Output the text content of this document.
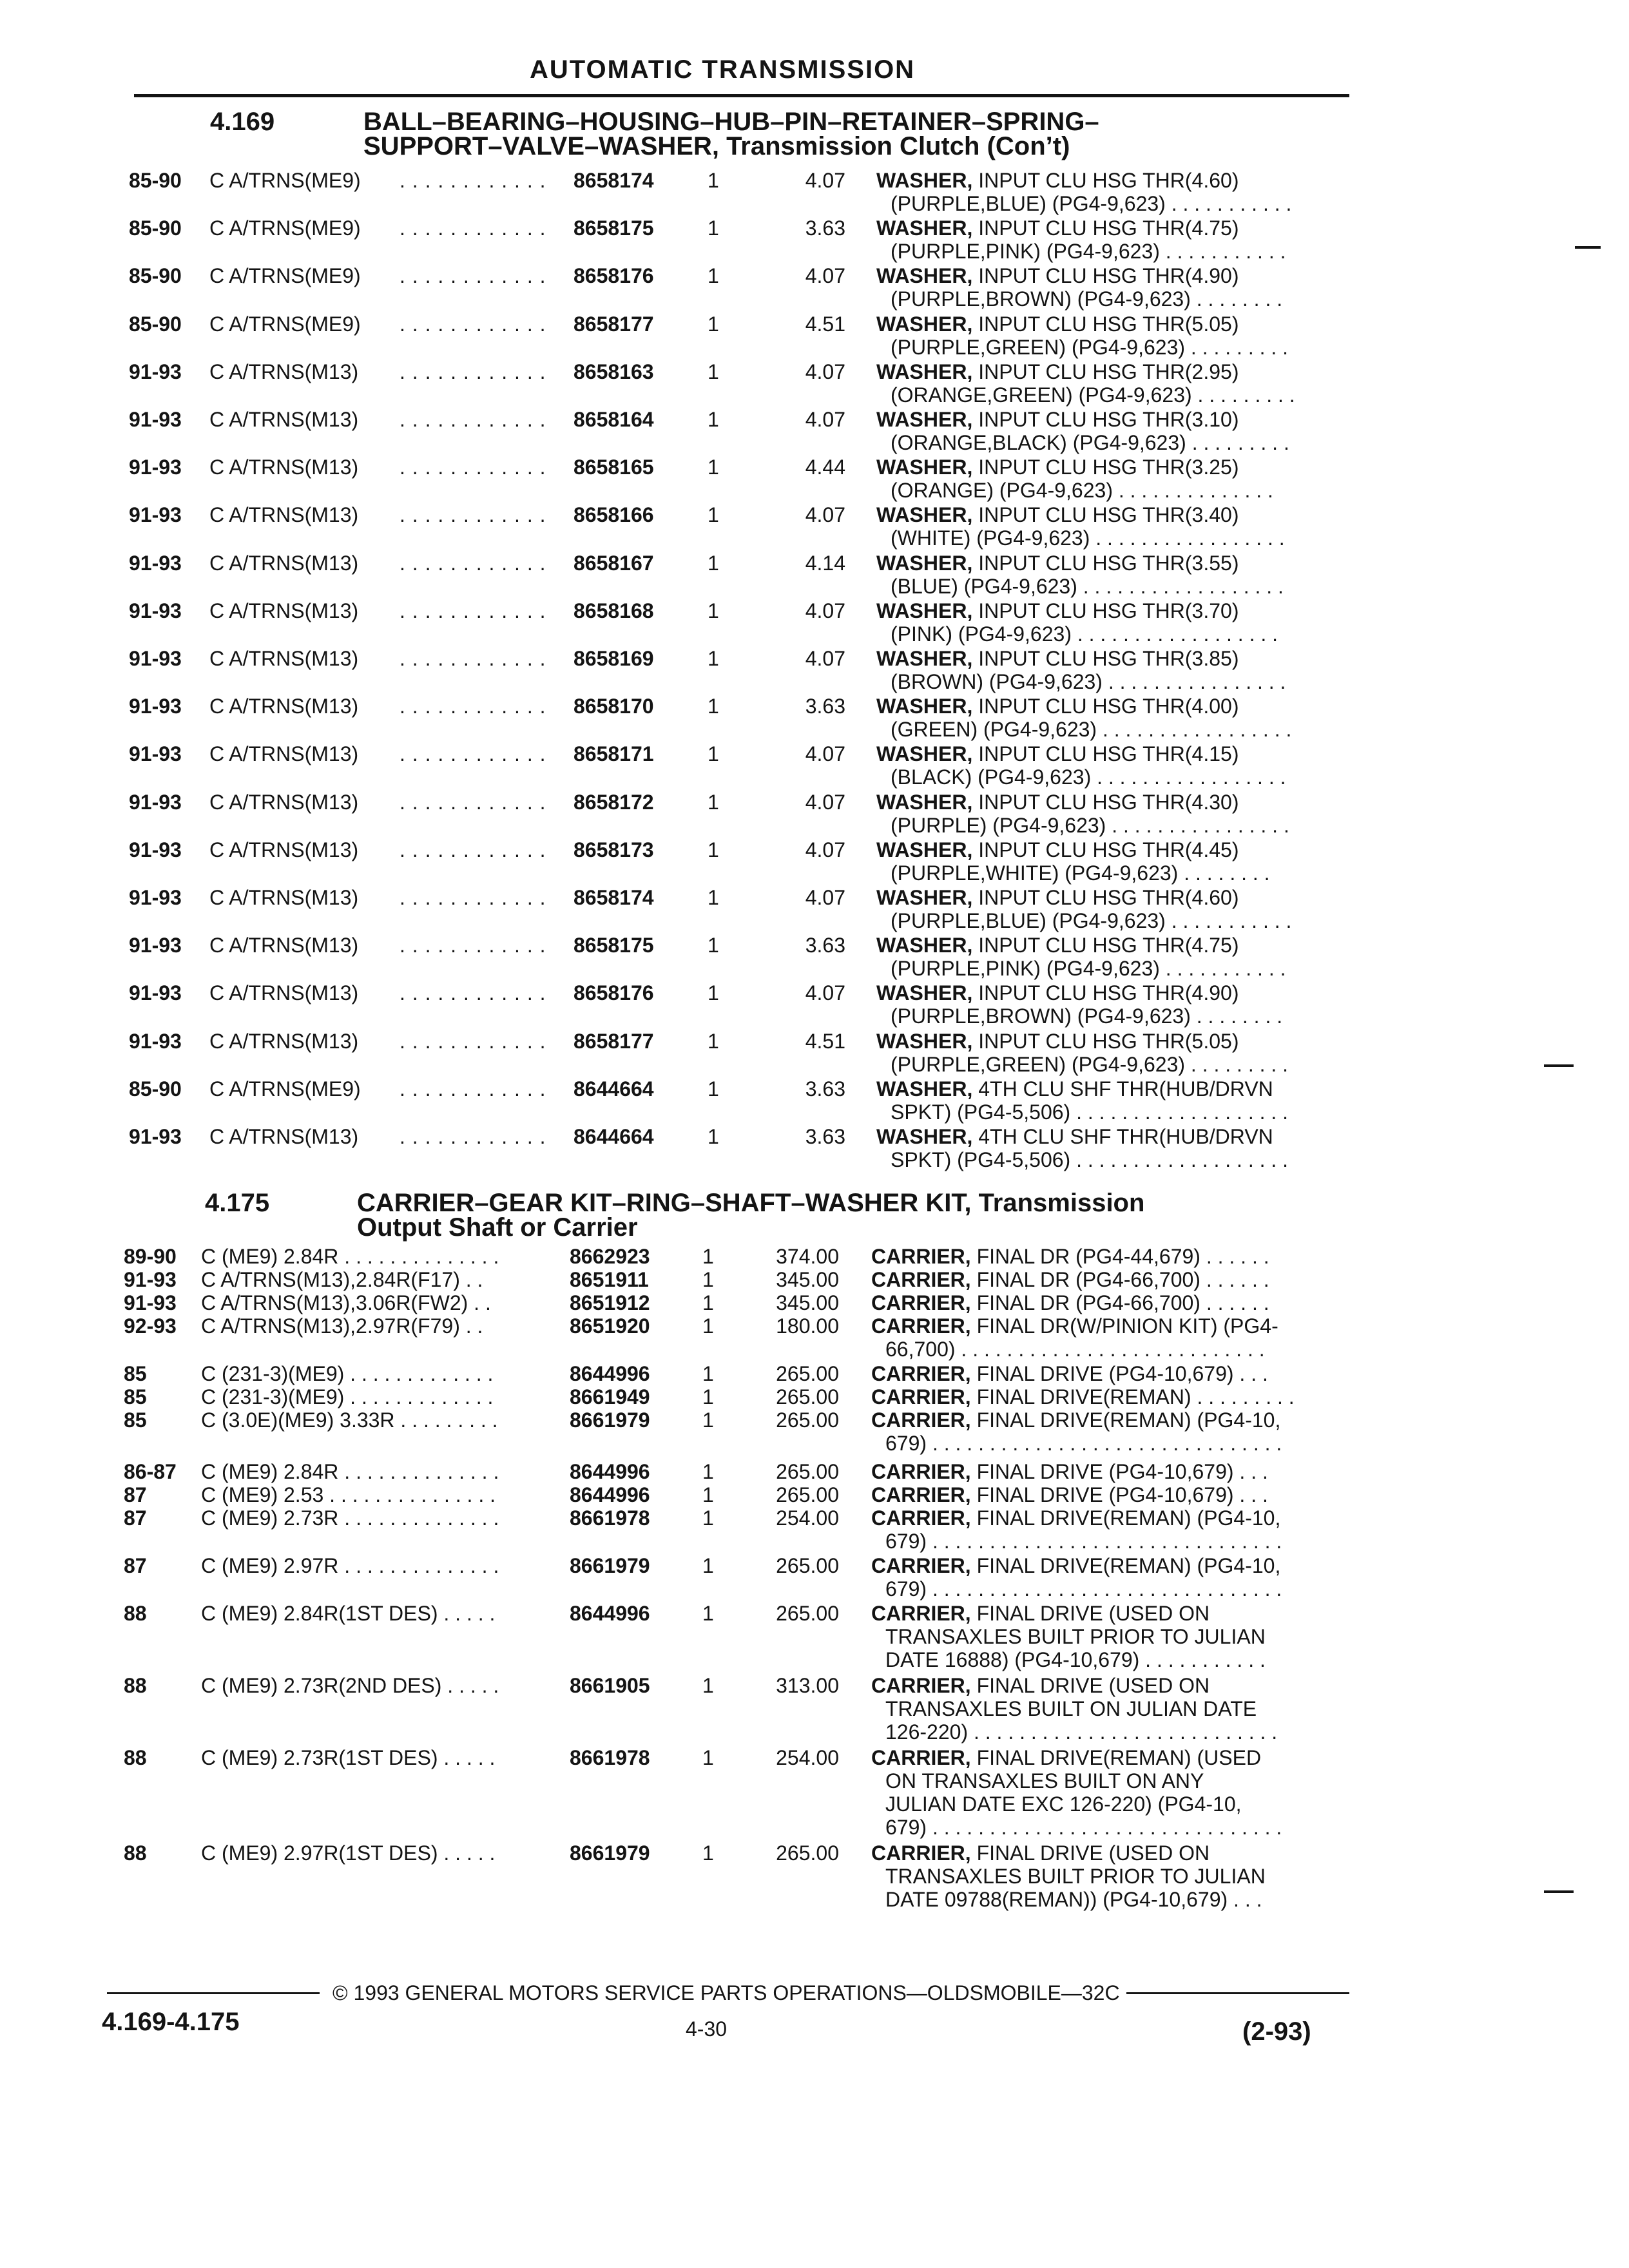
AUTOMATIC TRANSMISSION
4.169	BALL–BEARING–HOUSING–HUB–PIN–RETAINER–SPRING–
SUPPORT–VALVE–WASHER, Transmission Clutch (Con’t)
85-90 C A/TRNS(ME9) . . . . . . . . . . . . 8658174	1	4.07 WASHER, INPUT CLU HSG THR(4.60)
(PURPLE,BLUE) (PG4-9,623) . . . . . . . . . . .
85-90 C A/TRNS(ME9) . . . . . . . . . . . . 8658175	1	3.63 WASHER, INPUT CLU HSG THR(4.75)
(PURPLE,PINK) (PG4-9,623) . . . . . . . . . . .
85-90 C A/TRNS(ME9) . . . . . . . . . . . . 8658176	1	4.07 WASHER, INPUT CLU HSG THR(4.90)
(PURPLE,BROWN) (PG4-9,623) . . . . . . . .
85-90 C A/TRNS(ME9) . . . . . . . . . . . . 8658177	1	4.51 WASHER, INPUT CLU HSG THR(5.05)
(PURPLE,GREEN) (PG4-9,623) . . . . . . . . .
91-93 C A/TRNS(M13) . . . . . . . . . . . . 8658163	1	4.07 WASHER, INPUT CLU HSG THR(2.95)
(ORANGE,GREEN) (PG4-9,623) . . . . . . . . .
91-93 C A/TRNS(M13) . . . . . . . . . . . . 8658164	1	4.07 WASHER, INPUT CLU HSG THR(3.10)
(ORANGE,BLACK) (PG4-9,623) . . . . . . . . .
91-93 C A/TRNS(M13) . . . . . . . . . . . . 8658165	1	4.44 WASHER, INPUT CLU HSG THR(3.25)
(ORANGE) (PG4-9,623) . . . . . . . . . . . . . .
91-93 C A/TRNS(M13) . . . . . . . . . . . . 8658166	1	4.07 WASHER, INPUT CLU HSG THR(3.40)
(WHITE) (PG4-9,623) . . . . . . . . . . . . . . . . .
91-93 C A/TRNS(M13) . . . . . . . . . . . . 8658167	1	4.14 WASHER, INPUT CLU HSG THR(3.55)
(BLUE) (PG4-9,623) . . . . . . . . . . . . . . . . . .
91-93 C A/TRNS(M13) . . . . . . . . . . . . 8658168	1	4.07 WASHER, INPUT CLU HSG THR(3.70)
(PINK) (PG4-9,623) . . . . . . . . . . . . . . . . . .
91-93 C A/TRNS(M13) . . . . . . . . . . . . 8658169	1	4.07 WASHER, INPUT CLU HSG THR(3.85)
(BROWN) (PG4-9,623) . . . . . . . . . . . . . . . .
91-93 C A/TRNS(M13) . . . . . . . . . . . . 8658170	1	3.63 WASHER, INPUT CLU HSG THR(4.00)
(GREEN) (PG4-9,623) . . . . . . . . . . . . . . . . .
91-93 C A/TRNS(M13) . . . . . . . . . . . . 8658171	1	4.07 WASHER, INPUT CLU HSG THR(4.15)
(BLACK) (PG4-9,623) . . . . . . . . . . . . . . . . .
91-93 C A/TRNS(M13) . . . . . . . . . . . . 8658172	1	4.07 WASHER, INPUT CLU HSG THR(4.30)
(PURPLE) (PG4-9,623) . . . . . . . . . . . . . . . .
91-93 C A/TRNS(M13) . . . . . . . . . . . . 8658173	1	4.07 WASHER, INPUT CLU HSG THR(4.45)
(PURPLE,WHITE) (PG4-9,623) . . . . . . . .
91-93 C A/TRNS(M13) . . . . . . . . . . . . 8658174	1	4.07 WASHER, INPUT CLU HSG THR(4.60)
(PURPLE,BLUE) (PG4-9,623) . . . . . . . . . . .
91-93 C A/TRNS(M13) . . . . . . . . . . . . 8658175	1	3.63 WASHER, INPUT CLU HSG THR(4.75)
(PURPLE,PINK) (PG4-9,623) . . . . . . . . . . .
91-93 C A/TRNS(M13) . . . . . . . . . . . . 8658176	1	4.07 WASHER, INPUT CLU HSG THR(4.90)
(PURPLE,BROWN) (PG4-9,623) . . . . . . . .
91-93 C A/TRNS(M13) . . . . . . . . . . . . 8658177	1	4.51 WASHER, INPUT CLU HSG THR(5.05)
(PURPLE,GREEN) (PG4-9,623) . . . . . . . . .
85-90 C A/TRNS(ME9) . . . . . . . . . . . . 8644664	1	3.63 WASHER, 4TH CLU SHF THR(HUB/DRVN
SPKT) (PG4-5,506) . . . . . . . . . . . . . . . . . . .
91-93 C A/TRNS(M13) . . . . . . . . . . . . 8644664	1	3.63 WASHER, 4TH CLU SHF THR(HUB/DRVN
SPKT) (PG4-5,506) . . . . . . . . . . . . . . . . . . .
4.175	CARRIER–GEAR KIT–RING–SHAFT–WASHER KIT, Transmission
Output Shaft or Carrier
89-90 C (ME9) 2.84R . . . . . . . . . . . . . .	8662923	1	374.00 CARRIER, FINAL DR (PG4-44,679) . . . . . .
91-93 C A/TRNS(M13),2.84R(F17) . .	8651911	1	345.00 CARRIER, FINAL DR (PG4-66,700) . . . . . .
91-93 C A/TRNS(M13),3.06R(FW2) . .	8651912	1	345.00 CARRIER, FINAL DR (PG4-66,700) . . . . . .
92-93 C A/TRNS(M13),2.97R(F79) . .	8651920	1	180.00 CARRIER, FINAL DR(W/PINION KIT) (PG4-
66,700) . . . . . . . . . . . . . . . . . . . . . . . . . . .
85	C (231-3)(ME9) . . . . . . . . . . . . .	8644996	1	265.00 CARRIER, FINAL DRIVE (PG4-10,679) . . .
85	C (231-3)(ME9) . . . . . . . . . . . . .	8661949	1	265.00 CARRIER, FINAL DRIVE(REMAN) . . . . . . . . .
85	C (3.0E)(ME9) 3.33R . . . . . . . . .	8661979	1	265.00 CARRIER, FINAL DRIVE(REMAN) (PG4-10,
679) . . . . . . . . . . . . . . . . . . . . . . . . . . . . . . .
86-87 C (ME9) 2.84R . . . . . . . . . . . . . .	8644996	1	265.00 CARRIER, FINAL DRIVE (PG4-10,679) . . .
87	C (ME9) 2.53 . . . . . . . . . . . . . . .	8644996	1	265.00 CARRIER, FINAL DRIVE (PG4-10,679) . . .
87	C (ME9) 2.73R . . . . . . . . . . . . . .	8661978	1	254.00 CARRIER, FINAL DRIVE(REMAN) (PG4-10,
679) . . . . . . . . . . . . . . . . . . . . . . . . . . . . . . .
87	C (ME9) 2.97R . . . . . . . . . . . . . .	8661979	1	265.00 CARRIER, FINAL DRIVE(REMAN) (PG4-10,
679) . . . . . . . . . . . . . . . . . . . . . . . . . . . . . . .
88	C (ME9) 2.84R(1ST DES) . . . . .	8644996	1	265.00 CARRIER, FINAL DRIVE (USED ON
TRANSAXLES BUILT PRIOR TO JULIAN
DATE 16888) (PG4-10,679) . . . . . . . . . . .
88	C (ME9) 2.73R(2ND DES) . . . . .	8661905	1	313.00 CARRIER, FINAL DRIVE (USED ON
TRANSAXLES BUILT ON JULIAN DATE
126-220) . . . . . . . . . . . . . . . . . . . . . . . . . . .
88	C (ME9) 2.73R(1ST DES) . . . . .	8661978	1	254.00 CARRIER, FINAL DRIVE(REMAN) (USED
ON TRANSAXLES BUILT ON ANY
JULIAN DATE EXC 126-220) (PG4-10,
679) . . . . . . . . . . . . . . . . . . . . . . . . . . . . . . .
88	C (ME9) 2.97R(1ST DES) . . . . .	8661979	1	265.00 CARRIER, FINAL DRIVE (USED ON
TRANSAXLES BUILT PRIOR TO JULIAN
DATE 09788(REMAN)) (PG4-10,679) . . .
© 1993 GENERAL MOTORS SERVICE PARTS OPERATIONS—OLDSMOBILE—32C
4.169-4.175	4-30	(2-93)
